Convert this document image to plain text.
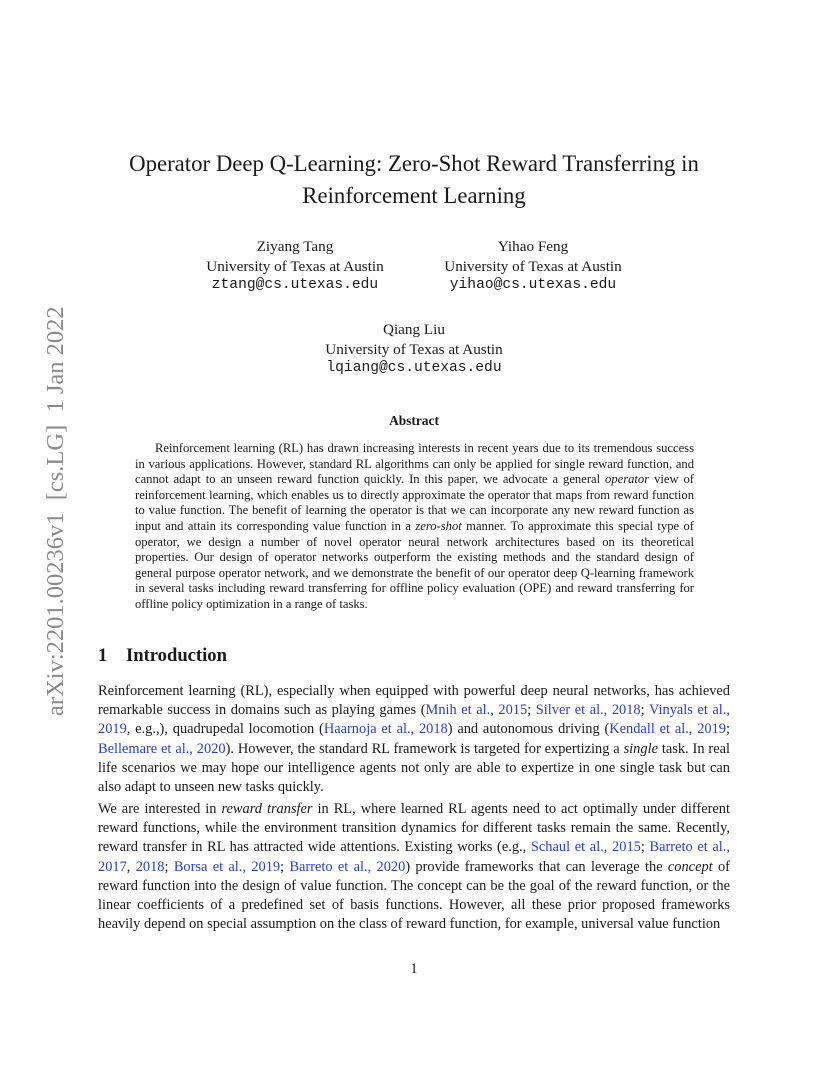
arXiv:2201.00236v1  [cs.LG]  1 Jan 2022
Operator Deep Q-Learning: Zero-Shot Reward Transferring in
Reinforcement Learning
Ziyang Tang
University of Texas at Austin
ztang@cs.utexas.edu
Yihao Feng
University of Texas at Austin
yihao@cs.utexas.edu
Qiang Liu
University of Texas at Austin
lqiang@cs.utexas.edu
Abstract

Reinforcement learning (RL) has drawn increasing interests in recent years due to its tremendous success in various applications. However, standard RL algorithms can only be applied for single reward function, and cannot adapt to an unseen reward function quickly. In this paper, we advocate a general operator view of reinforcement learning, which enables us to directly approximate the operator that maps from reward function to value function. The benefit of learning the operator is that we can incorporate any new reward function as input and attain its corresponding value function in a zero-shot manner. To approximate this special type of operator, we design a number of novel operator neural network architectures based on its theoretical properties. Our design of operator networks outperform the existing methods and the standard design of general purpose operator network, and we demonstrate the benefit of our operator deep Q-learning framework in several tasks including reward transferring for offline policy evaluation (OPE) and reward transferring for offline policy optimization in a range of tasks.

1 Introduction

Reinforcement learning (RL), especially when equipped with powerful deep neural networks, has achieved remarkable success in domains such as playing games (Mnih et al., 2015; Silver et al., 2018; Vinyals et al., 2019, e.g.,), quadrupedal locomotion (Haarnoja et al., 2018) and autonomous driving (Kendall et al., 2019; Bellemare et al., 2020). However, the standard RL framework is targeted for expertizing a single task. In real life scenarios we may hope our intelligence agents not only are able to expertize in one single task but can also adapt to unseen new tasks quickly.

We are interested in reward transfer in RL, where learned RL agents need to act optimally under different reward functions, while the environment transition dynamics for different tasks remain the same. Recently, reward transfer in RL has attracted wide attentions. Existing works (e.g., Schaul et al., 2015; Barreto et al., 2017, 2018; Borsa et al., 2019; Barreto et al., 2020) provide frameworks that can leverage the concept of reward function into the design of value function. The concept can be the goal of the reward function, or the linear coefficients of a predefined set of basis functions. However, all these prior proposed frameworks heavily depend on special assumption on the class of reward function, for example, universal value function

1
